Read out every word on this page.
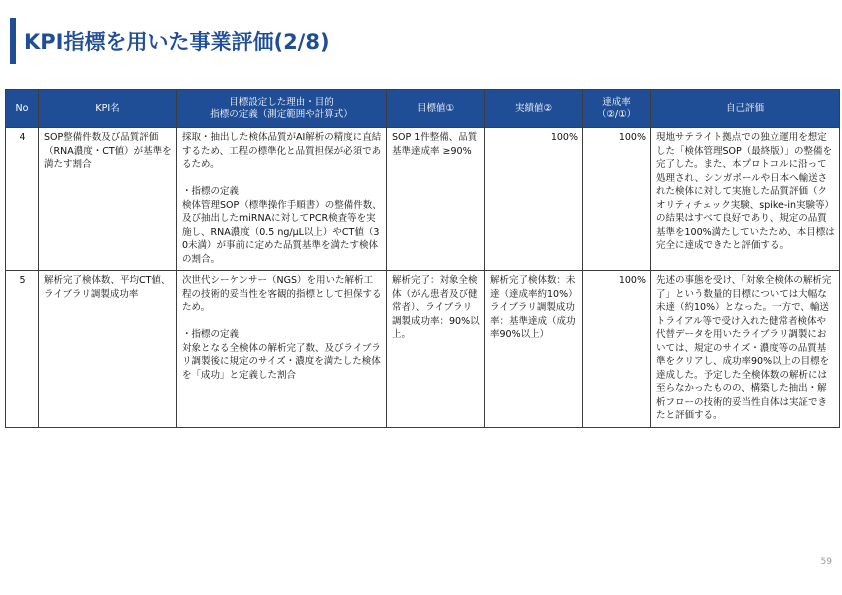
KPI指標を用いた事業評価(2/8)
No	KPI名	目標設定した理由・目的
指標の定義（測定範囲や計算式）	目標値①	実績値②	達成率
（②/①）	自己評価
4	SOP整備件数及び品質評価（RNA濃度・CT値）が基準を満たす割合	採取・抽出した検体品質がAI解析の精度に直結するため、工程の標準化と品質担保が必須であるため。

・指標の定義
検体管理SOP（標準操作手順書）の整備件数、及び抽出したmiRNAに対してPCR検査等を実施し、RNA濃度（0.5 ng/µL以上）やCT値（30未満）が事前に定めた品質基準を満たす検体の割合。	SOP 1件整備、品質基準達成率 ≥90%	100%	100%	現地サテライト拠点での独立運用を想定した「検体管理SOP（最終版）」の整備を完了した。また、本プロトコルに沿って処理され、シンガポールや日本へ輸送された検体に対して実施した品質評価（クオリティチェック実験、spike-in実験等）の結果はすべて良好であり、規定の品質基準を100%満たしていたため、本目標は完全に達成できたと評価する。
5	解析完了検体数、平均CT値、ライブラリ調製成功率	次世代シーケンサー（NGS）を用いた解析工程の技術的妥当性を客観的指標として担保するため。

・指標の定義
対象となる全検体の解析完了数、及びライブラリ調製後に規定のサイズ・濃度を満たした検体を「成功」と定義した割合	解析完了：対象全検体（がん患者及び健常者）、ライブラリ調製成功率：90%以上。	解析完了検体数：未達（達成率約10%）
ライブラリ調製成功率：基準達成（成功率90%以上）	100%	先述の事態を受け、「対象全検体の解析完了」という数量的目標については大幅な未達（約10%）となった。一方で、輸送トライアル等で受け入れた健常者検体や代替データを用いたライブラリ調製においては、規定のサイズ・濃度等の品質基準をクリアし、成功率90%以上の目標を達成した。予定した全検体数の解析には至らなかったものの、構築した抽出・解析フローの技術的妥当性自体は実証できたと評価する。
59
